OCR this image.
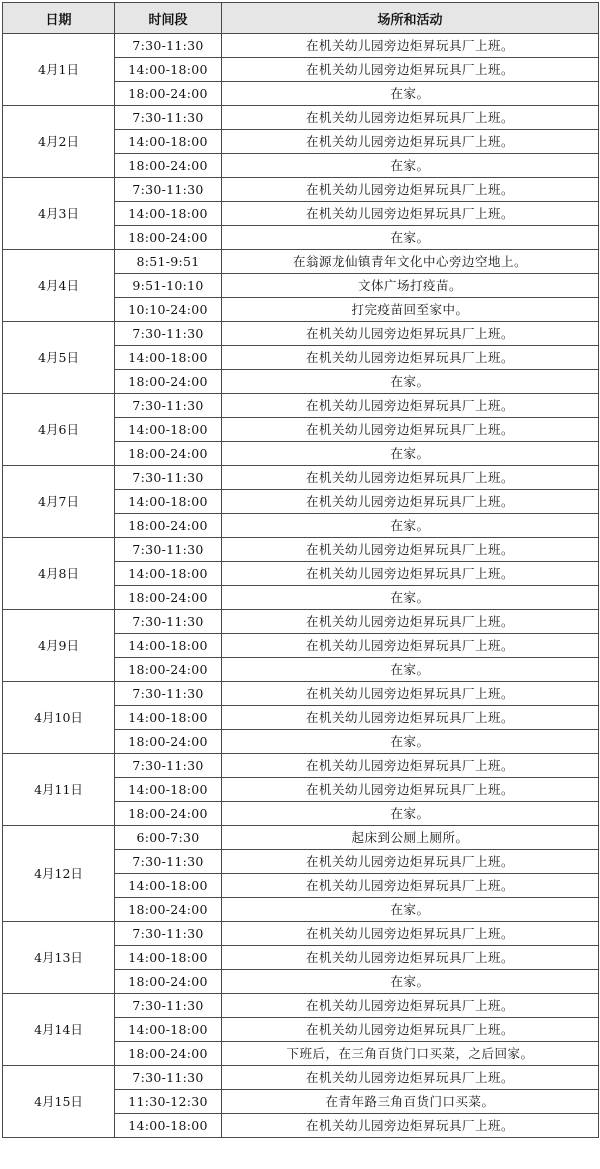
日期	时间段	场所和活动
4月1日	7:30-11:30	在机关幼儿园旁边炬昇玩具厂上班。
	14:00-18:00	在机关幼儿园旁边炬昇玩具厂上班。
	18:00-24:00	在家。
4月2日	7:30-11:30	在机关幼儿园旁边炬昇玩具厂上班。
	14:00-18:00	在机关幼儿园旁边炬昇玩具厂上班。
	18:00-24:00	在家。
4月3日	7:30-11:30	在机关幼儿园旁边炬昇玩具厂上班。
	14:00-18:00	在机关幼儿园旁边炬昇玩具厂上班。
	18:00-24:00	在家。
4月4日	8:51-9:51	在翁源龙仙镇青年文化中心旁边空地上。
	9:51-10:10	文体广场打疫苗。
	10:10-24:00	打完疫苗回至家中。
4月5日	7:30-11:30	在机关幼儿园旁边炬昇玩具厂上班。
	14:00-18:00	在机关幼儿园旁边炬昇玩具厂上班。
	18:00-24:00	在家。
4月6日	7:30-11:30	在机关幼儿园旁边炬昇玩具厂上班。
	14:00-18:00	在机关幼儿园旁边炬昇玩具厂上班。
	18:00-24:00	在家。
4月7日	7:30-11:30	在机关幼儿园旁边炬昇玩具厂上班。
	14:00-18:00	在机关幼儿园旁边炬昇玩具厂上班。
	18:00-24:00	在家。
4月8日	7:30-11:30	在机关幼儿园旁边炬昇玩具厂上班。
	14:00-18:00	在机关幼儿园旁边炬昇玩具厂上班。
	18:00-24:00	在家。
4月9日	7:30-11:30	在机关幼儿园旁边炬昇玩具厂上班。
	14:00-18:00	在机关幼儿园旁边炬昇玩具厂上班。
	18:00-24:00	在家。
4月10日	7:30-11:30	在机关幼儿园旁边炬昇玩具厂上班。
	14:00-18:00	在机关幼儿园旁边炬昇玩具厂上班。
	18:00-24:00	在家。
4月11日	7:30-11:30	在机关幼儿园旁边炬昇玩具厂上班。
	14:00-18:00	在机关幼儿园旁边炬昇玩具厂上班。
	18:00-24:00	在家。
4月12日	6:00-7:30	起床到公厕上厕所。
	7:30-11:30	在机关幼儿园旁边炬昇玩具厂上班。
	14:00-18:00	在机关幼儿园旁边炬昇玩具厂上班。
	18:00-24:00	在家。
4月13日	7:30-11:30	在机关幼儿园旁边炬昇玩具厂上班。
	14:00-18:00	在机关幼儿园旁边炬昇玩具厂上班。
	18:00-24:00	在家。
4月14日	7:30-11:30	在机关幼儿园旁边炬昇玩具厂上班。
	14:00-18:00	在机关幼儿园旁边炬昇玩具厂上班。
	18:00-24:00	下班后，在三角百货门口买菜，之后回家。
4月15日	7:30-11:30	在机关幼儿园旁边炬昇玩具厂上班。
	11:30-12:30	在青年路三角百货门口买菜。
	14:00-18:00	在机关幼儿园旁边炬昇玩具厂上班。
